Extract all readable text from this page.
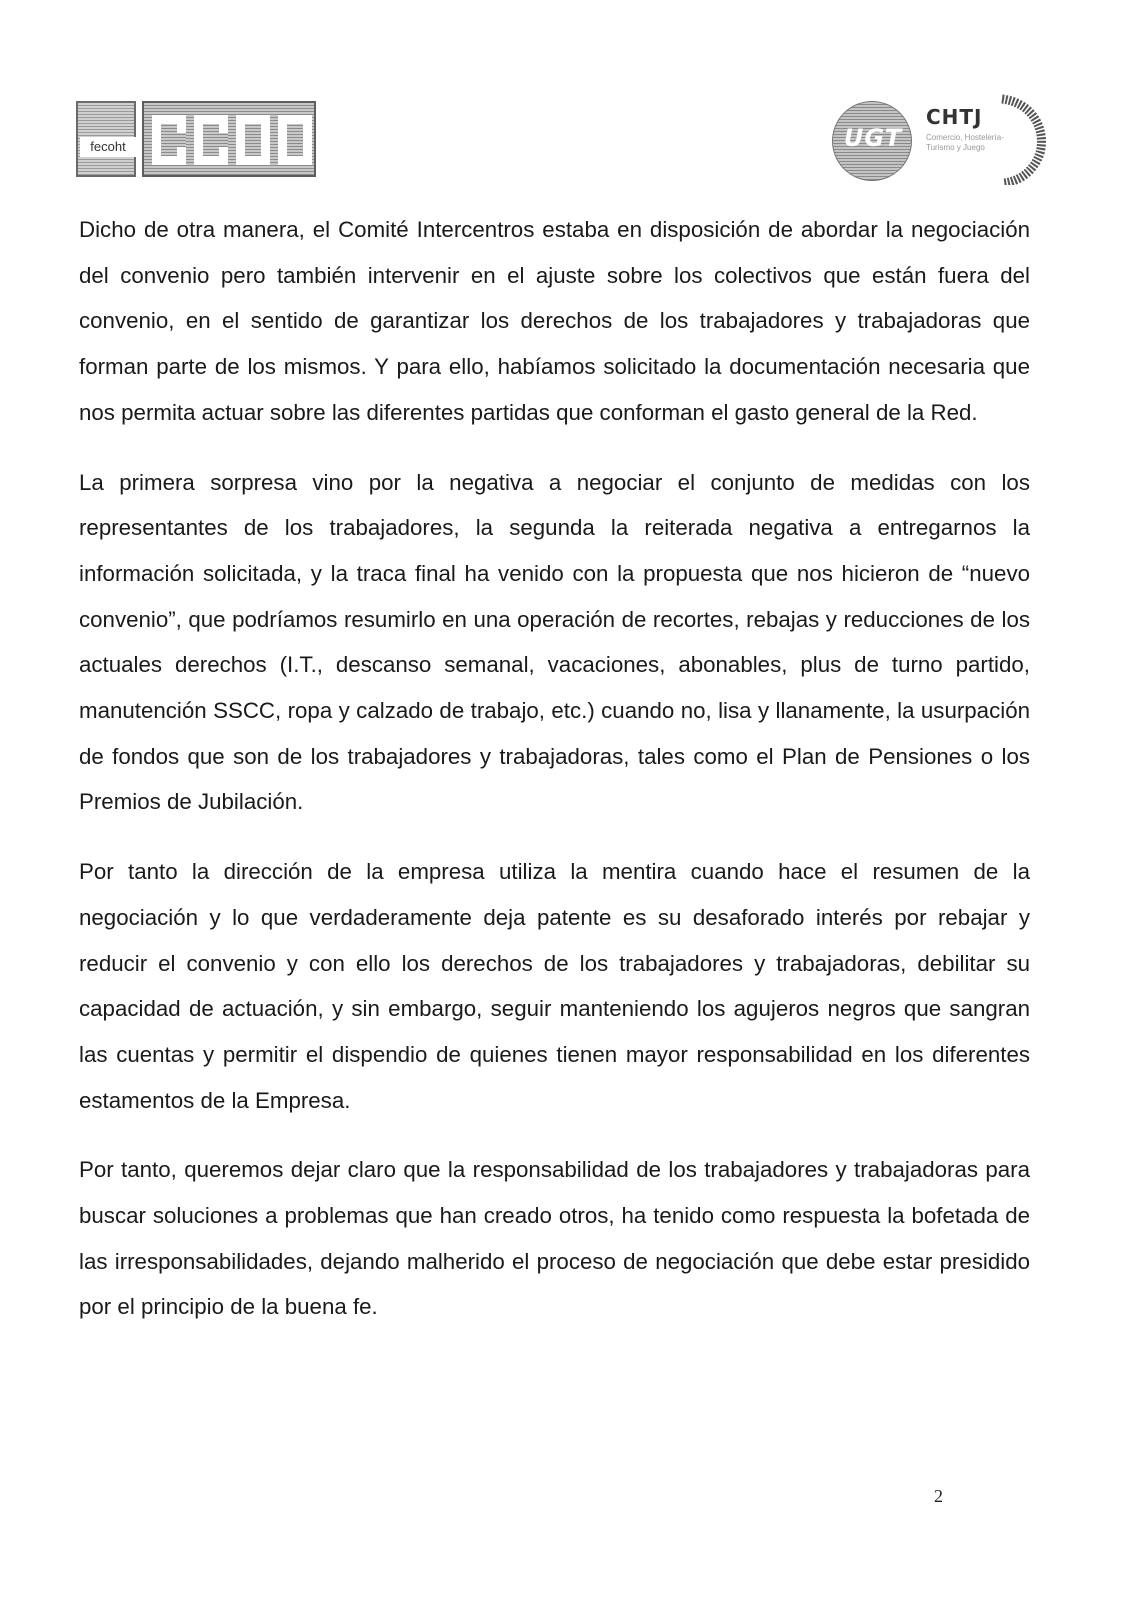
fecoht	UGT
CHTJ
Comercio, Hostelería-Turismo y Juego

Dicho de otra manera, el Comité Intercentros estaba en disposición de abordar la negociación del convenio pero también intervenir en el ajuste sobre los colectivos que están fuera del convenio, en el sentido de garantizar los derechos de los trabajadores y trabajadoras que forman parte de los mismos. Y para ello, habíamos solicitado la documentación necesaria que nos permita actuar sobre las diferentes partidas que conforman el gasto general de la Red.

La primera sorpresa vino por la negativa a negociar el conjunto de medidas con los representantes de los trabajadores, la segunda la reiterada negativa a entregarnos la información solicitada, y la traca final ha venido con la propuesta que nos hicieron de “nuevo convenio”, que podríamos resumirlo en una operación de recortes, rebajas y reducciones de los actuales derechos (I.T., descanso semanal, vacaciones, abonables, plus de turno partido, manutención SSCC, ropa y calzado de trabajo, etc.) cuando no, lisa y llanamente, la usurpación de fondos que son de los trabajadores y trabajadoras, tales como el Plan de Pensiones o los Premios de Jubilación.

Por tanto la dirección de la empresa utiliza la mentira cuando hace el resumen de la negociación y lo que verdaderamente deja patente es su desaforado interés por rebajar y reducir el convenio y con ello los derechos de los trabajadores y trabajadoras, debilitar su capacidad de actuación, y sin embargo, seguir manteniendo los agujeros negros que sangran las cuentas y permitir el dispendio de quienes tienen mayor responsabilidad en los diferentes estamentos de la Empresa.

Por tanto, queremos dejar claro que la responsabilidad de los trabajadores y trabajadoras para buscar soluciones a problemas que han creado otros, ha tenido como respuesta la bofetada de las irresponsabilidades, dejando malherido el proceso de negociación que debe estar presidido por el principio de la buena fe.

2
